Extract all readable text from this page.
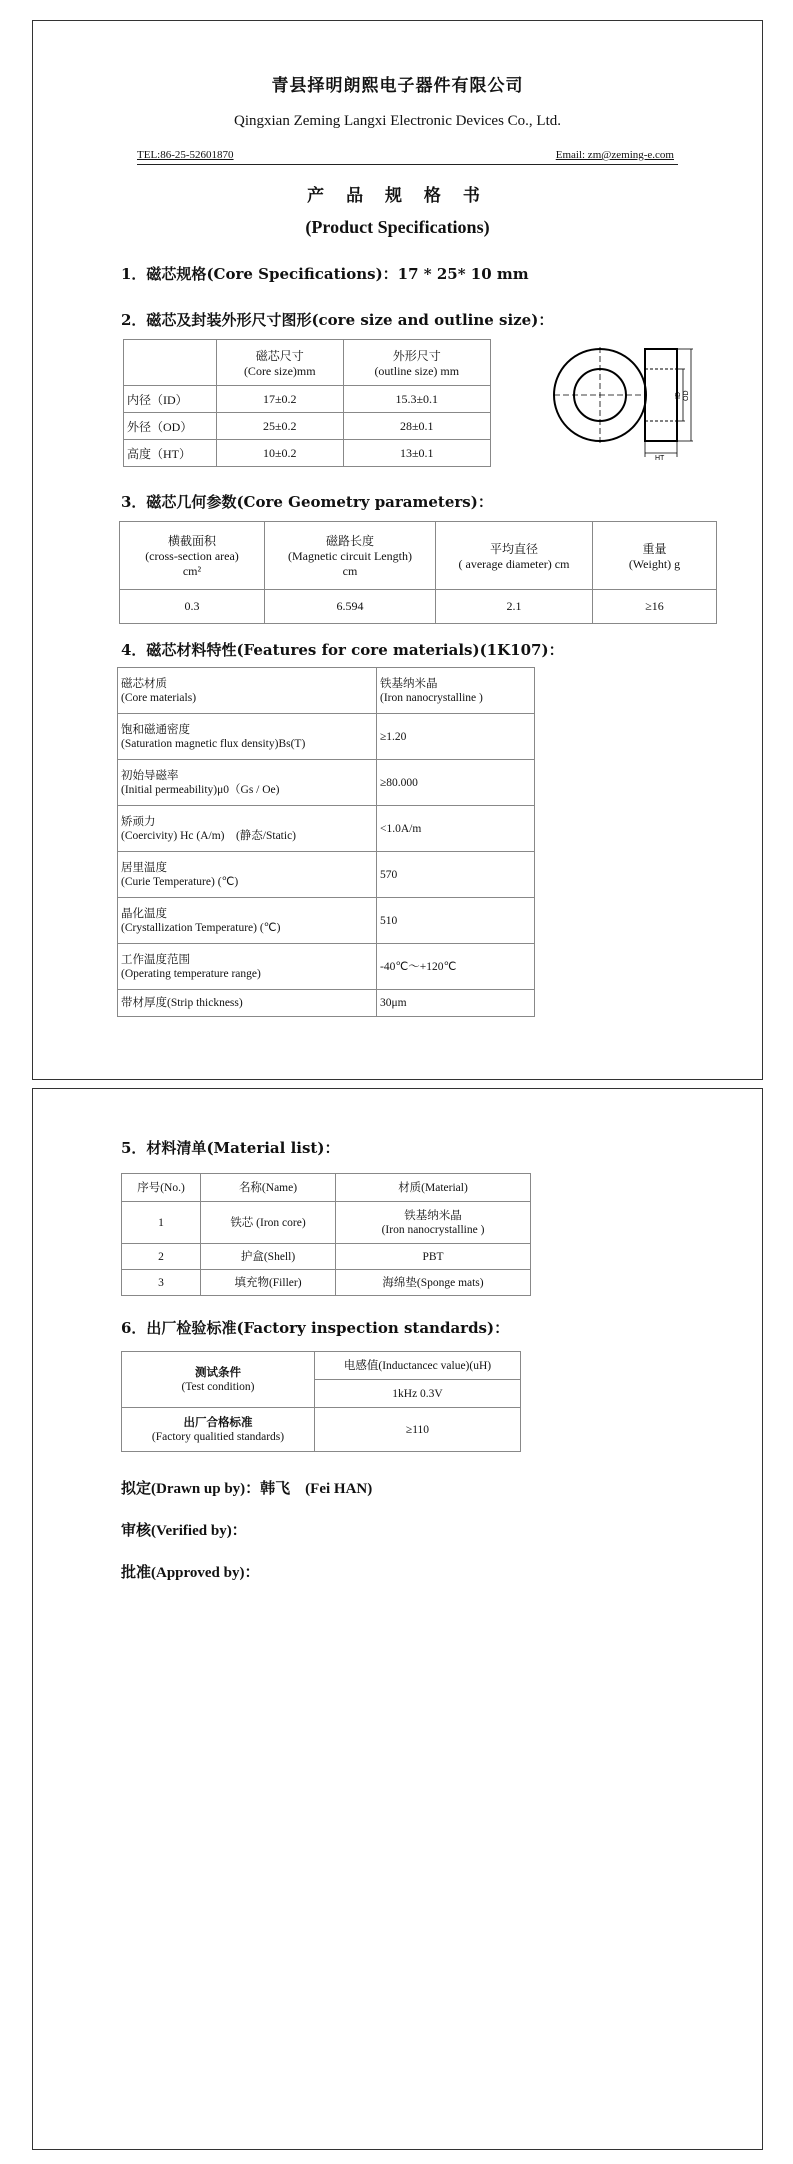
青县择明朗熙电子器件有限公司
Qingxian Zeming Langxi Electronic Devices Co., Ltd.
TEL:86-25-52601870	Email: zm@zeming-e.com
产 品 规 格 书
(Product Specifications)
1．磁芯规格(Core Specifications)：17 * 25* 10 mm
2．磁芯及封装外形尺寸图形(core size and outline size)：
	磁芯尺寸
(Core size)mm	外形尺寸
(outline size) mm
内径（ID）	17±0.2	15.3±0.1
外径（OD）	25±0.2	28±0.1
高度（HT）	10±0.2	13±0.1
ID OD
HT
3．磁芯几何参数(Core Geometry parameters)：
横截面积
(cross-section area)
cm²	磁路长度
(Magnetic circuit Length)
cm	平均直径
( average diameter) cm	重量
(Weight) g
0.3	6.594	2.1	≥16
4．磁芯材料特性(Features for core materials)(1K107)：
磁芯材质
(Core materials)	铁基纳米晶
(Iron nanocrystalline )
饱和磁通密度
(Saturation magnetic flux density)Bs(T)	≥1.20
初始导磁率
(Initial permeability)μ0（Gs / Oe)	≥80.000
矫顽力
(Coercivity) Hc (A/m)　(静态/Static)	<1.0A/m
居里温度
(Curie Temperature) (℃)	570
晶化温度
(Crystallization Temperature) (℃)	510
工作温度范围
(Operating temperature range)	-40℃～+120℃
带材厚度(Strip thickness)	30μm
5．材料清单(Material list)：
序号(No.)	名称(Name)	材质(Material)
1	铁芯 (Iron core)	铁基纳米晶
(Iron nanocrystalline )
2	护盒(Shell)	PBT
3	填充物(Filler)	海绵垫(Sponge mats)
6．出厂检验标准(Factory inspection standards)：
测试条件
(Test condition)	电感值(Inductancec value)(uH)
	1kHz 0.3V
出厂合格标准
(Factory qualitied standards)	≥110
拟定(Drawn up by)：韩飞　(Fei HAN)
审核(Verified by)：
批准(Approved by)：
